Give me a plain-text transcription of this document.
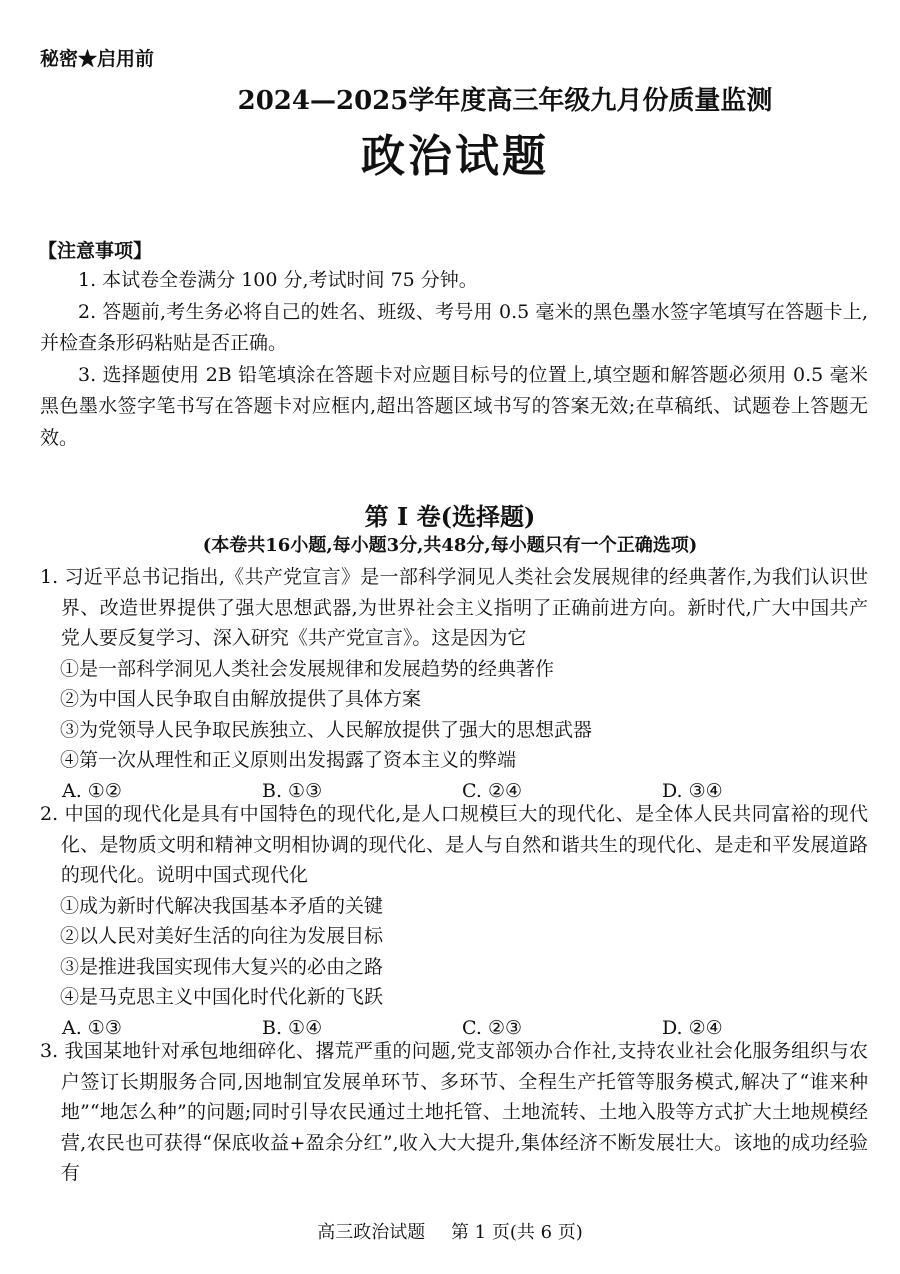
秘密★启用前
2024—2025学年度高三年级九月份质量监测
政治试题
【注意事项】
1. 本试卷全卷满分 100 分,考试时间 75 分钟。
2. 答题前,考生务必将自己的姓名、班级、考号用 0.5 毫米的黑色墨水签字笔填写在答题卡上,并检查条形码粘贴是否正确。
3. 选择题使用 2B 铅笔填涂在答题卡对应题目标号的位置上,填空题和解答题必须用 0.5 毫米黑色墨水签字笔书写在答题卡对应框内,超出答题区域书写的答案无效;在草稿纸、试题卷上答题无效。
第 Ⅰ 卷(选择题)
(本卷共16小题,每小题3分,共48分,每小题只有一个正确选项)
1. 习近平总书记指出,《共产党宣言》是一部科学洞见人类社会发展规律的经典著作,为我们认识世界、改造世界提供了强大思想武器,为世界社会主义指明了正确前进方向。新时代,广大中国共产党人要反复学习、深入研究《共产党宣言》。这是因为它
①是一部科学洞见人类社会发展规律和发展趋势的经典著作
②为中国人民争取自由解放提供了具体方案
③为党领导人民争取民族独立、人民解放提供了强大的思想武器
④第一次从理性和正义原则出发揭露了资本主义的弊端
A. ①②	B. ①③	C. ②④	D. ③④
2. 中国的现代化是具有中国特色的现代化,是人口规模巨大的现代化、是全体人民共同富裕的现代化、是物质文明和精神文明相协调的现代化、是人与自然和谐共生的现代化、是走和平发展道路的现代化。说明中国式现代化
①成为新时代解决我国基本矛盾的关键
②以人民对美好生活的向往为发展目标
③是推进我国实现伟大复兴的必由之路
④是马克思主义中国化时代化新的飞跃
A. ①③	B. ①④	C. ②③	D. ②④
3. 我国某地针对承包地细碎化、撂荒严重的问题,党支部领办合作社,支持农业社会化服务组织与农户签订长期服务合同,因地制宜发展单环节、多环节、全程生产托管等服务模式,解决了“谁来种地”“地怎么种”的问题;同时引导农民通过土地托管、土地流转、土地入股等方式扩大土地规模经营,农民也可获得“保底收益+盈余分红”,收入大大提升,集体经济不断发展壮大。该地的成功经验有
高三政治试题 第 1 页(共 6 页)
